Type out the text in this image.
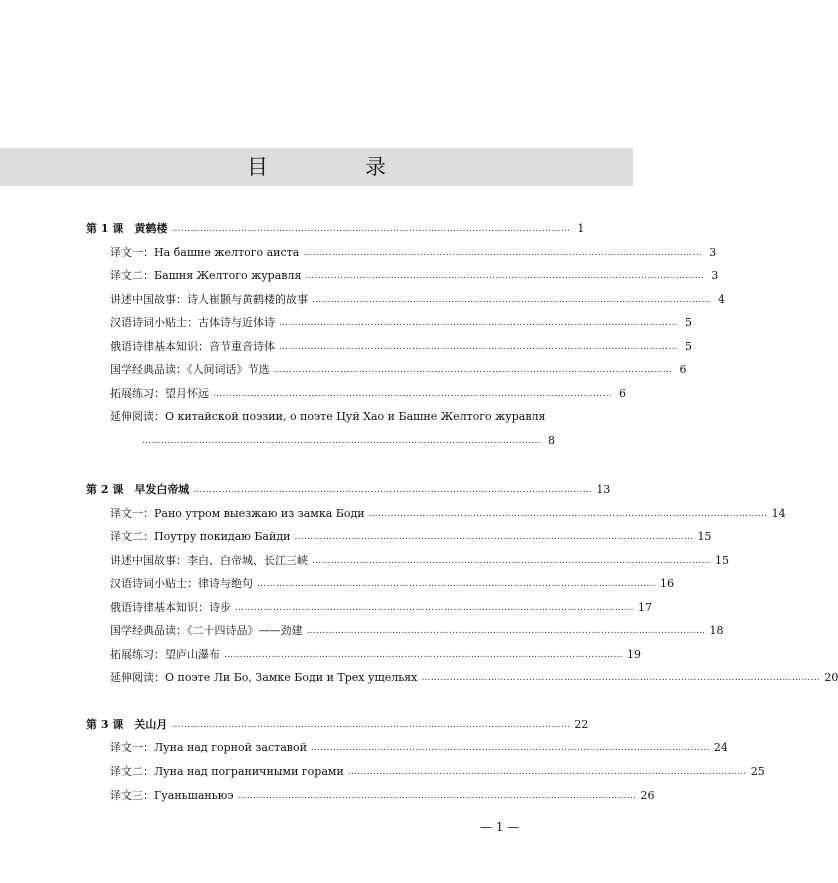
目　录
第 1 课　黄鹤楼 ……………………………………………………………………………………………………………… 1
译文一：На башне желтого аиста ……………………………………………………………………………………………………………… 3
译文二：Башня Желтого журавля ……………………………………………………………………………………………………………… 3
讲述中国故事：诗人崔颢与黄鹤楼的故事 ……………………………………………………………………………………………………………… 4
汉语诗词小贴士：古体诗与近体诗 ……………………………………………………………………………………………………………… 5
俄语诗律基本知识：音节重音诗体 ……………………………………………………………………………………………………………… 5
国学经典品读：《人间词话》节选 ……………………………………………………………………………………………………………… 6
拓展练习：望月怀远 ……………………………………………………………………………………………………………… 6
延伸阅读：О китайской поэзии, о поэте Цуй Хао и Башне Желтого журавля
……………………………………………………………………………………………………………… 8
第 2 课　早发白帝城 ……………………………………………………………………………………………………………… 13
译文一：Рано утром выезжаю из замка Боди ……………………………………………………………………………………………………………… 14
译文二：Поутру покидаю Байди ……………………………………………………………………………………………………………… 15
讲述中国故事：李白、白帝城、长江三峡 ……………………………………………………………………………………………………………… 15
汉语诗词小贴士：律诗与绝句 ……………………………………………………………………………………………………………… 16
俄语诗律基本知识：诗步 ……………………………………………………………………………………………………………… 17
国学经典品读：《二十四诗品》——劲建 ……………………………………………………………………………………………………………… 18
拓展练习：望庐山瀑布 ……………………………………………………………………………………………………………… 19
延伸阅读：О поэте Ли Бо, Замке Боди и Трех ущельях ……………………………………………………………………………………………………………… 20
第 3 课　关山月 ……………………………………………………………………………………………………………… 22
译文一：Луна над горной заставой ……………………………………………………………………………………………………………… 24
译文二：Луна над пограничными горами ……………………………………………………………………………………………………………… 25
译文三：Гуаньшаньюэ ……………………………………………………………………………………………………………… 26
— 1 —
